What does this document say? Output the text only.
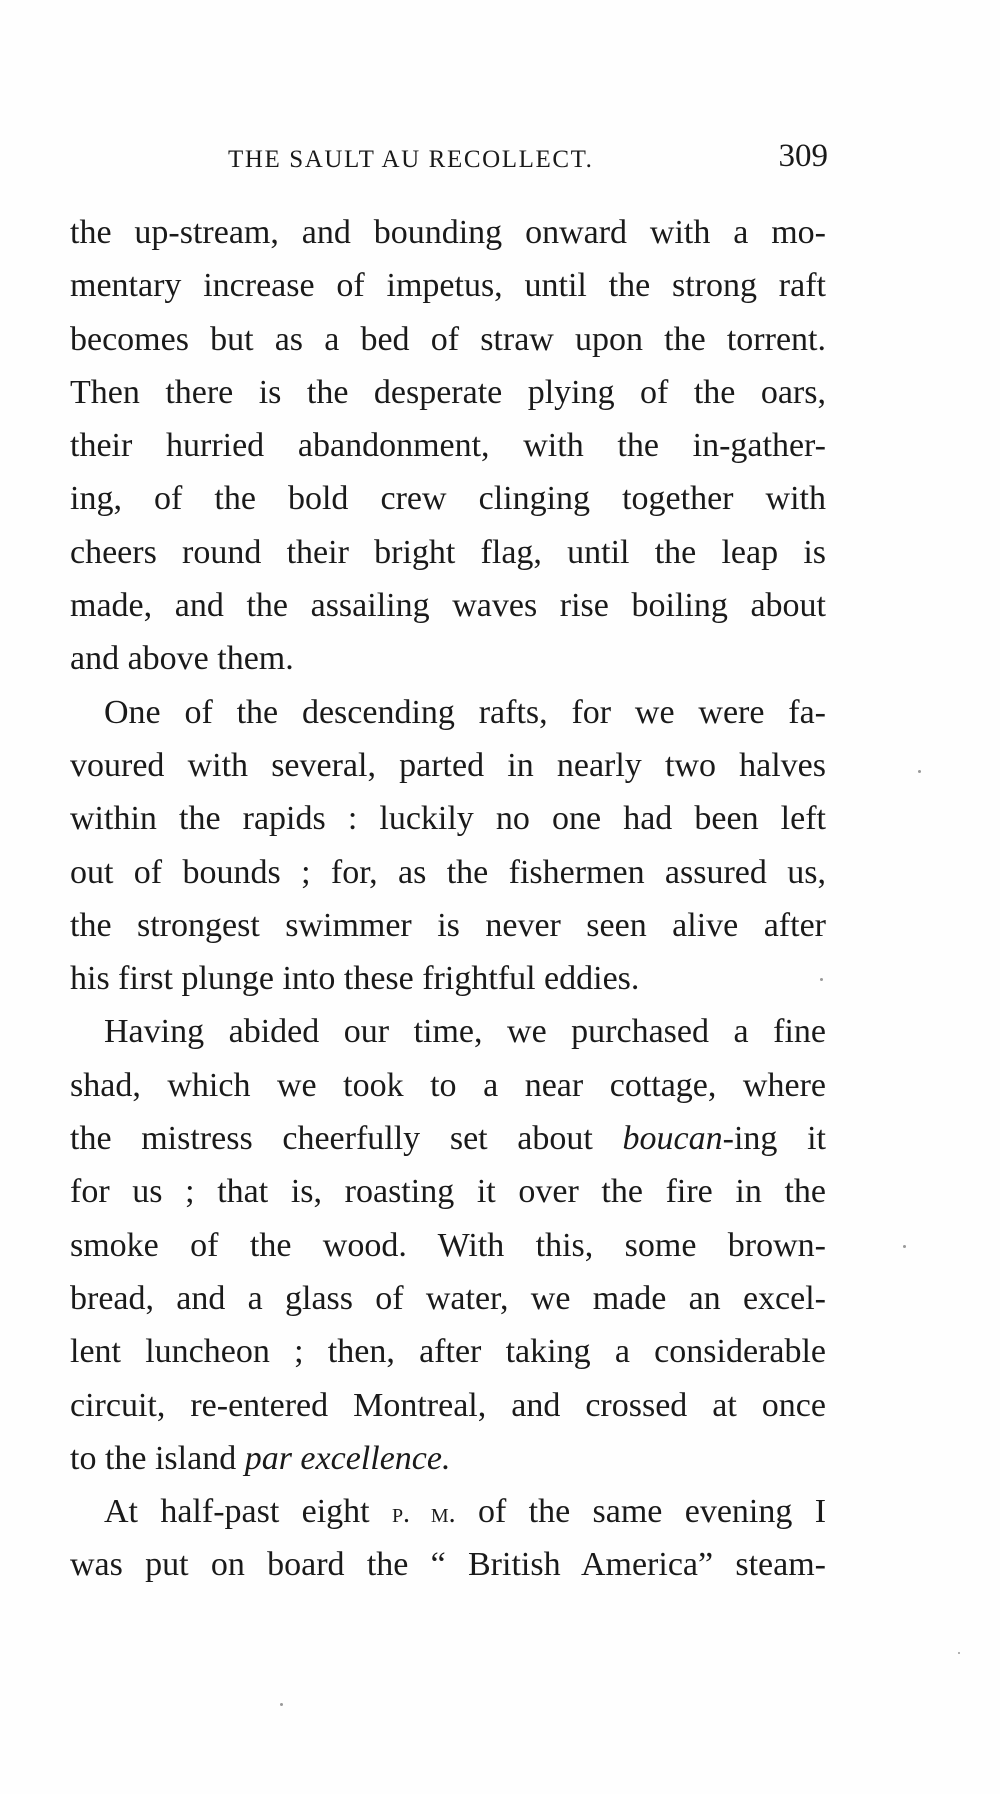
THE SAULT AU RECOLLECT.	309
the up-stream, and bounding onward with a mo-
mentary increase of impetus, until the strong raft
becomes but as a bed of straw upon the torrent.
Then there is the desperate plying of the oars,
their hurried abandonment, with the in-gather-
ing, of the bold crew clinging together with
cheers round their bright flag, until the leap is
made, and the assailing waves rise boiling about
and above them.
One of the descending rafts, for we were fa-
voured with several, parted in nearly two halves
within the rapids : luckily no one had been left
out of bounds ; for, as the fishermen assured us,
the strongest swimmer is never seen alive after
his first plunge into these frightful eddies.
Having abided our time, we purchased a fine
shad, which we took to a near cottage, where
the mistress cheerfully set about boucan-ing it
for us ; that is, roasting it over the fire in the
smoke of the wood. With this, some brown-
bread, and a glass of water, we made an excel-
lent luncheon ; then, after taking a considerable
circuit, re-entered Montreal, and crossed at once
to the island par excellence.
At half-past eight p. m. of the same evening I
was put on board the “ British America” steam-
